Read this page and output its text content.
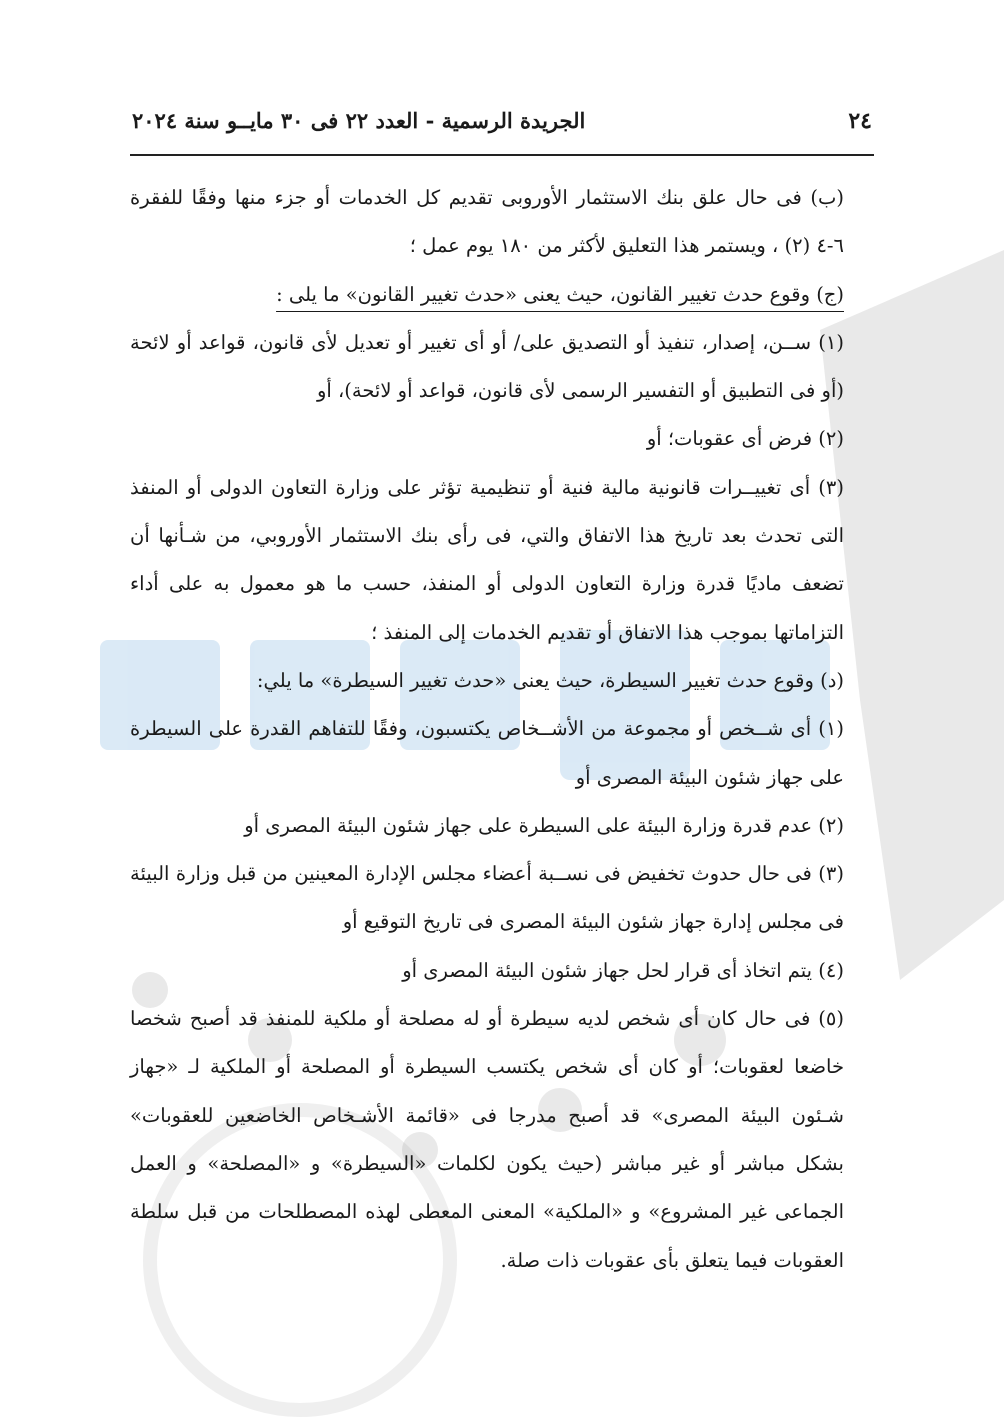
الجريدة الرسمية - العدد ٢٢ فى ٣٠ مايــو سنة ٢٠٢٤	٢٤

(ب) فى حال علق بنك الاستثمار الأوروبى تقديم كل الخدمات أو جزء منها وفقًا للفقرة ٦-٤ (٢) ، ويستمر هذا التعليق لأكثر من ١٨٠ يوم عمل ؛

(ج) وقوع حدث تغيير القانون، حيث يعنى «حدث تغيير القانون» ما يلى :

(١) ســن، إصدار، تنفيذ أو التصديق على/ أو أى تغيير أو تعديل لأى قانون، قواعد أو لائحة (أو فى التطبيق أو التفسير الرسمى لأى قانون، قواعد أو لائحة)، أو

(٢) فرض أى عقوبات؛ أو

(٣) أى تغييــرات قانونية مالية فنية أو تنظيمية تؤثر على وزارة التعاون الدولى أو المنفذ التى تحدث بعد تاريخ هذا الاتفاق والتي، فى رأى بنك الاستثمار الأوروبي، من شـأنها أن تضعف ماديًا قدرة وزارة التعاون الدولى أو المنفذ، حسب ما هو معمول به على أداء التزاماتها بموجب هذا الاتفاق أو تقديم الخدمات إلى المنفذ ؛

(د) وقوع حدث تغيير السيطرة، حيث يعنى «حدث تغيير السيطرة» ما يلي:

(١) أى شــخص أو مجموعة من الأشــخاص يكتسبون، وفقًا للتفاهم القدرة على السيطرة على جهاز شئون البيئة المصرى أو

(٢) عدم قدرة وزارة البيئة على السيطرة على جهاز شئون البيئة المصرى أو

(٣) فى حال حدوث تخفيض فى نســبة أعضاء مجلس الإدارة المعينين من قبل وزارة البيئة فى مجلس إدارة جهاز شئون البيئة المصرى فى تاريخ التوقيع أو

(٤) يتم اتخاذ أى قرار لحل جهاز شئون البيئة المصرى أو

(٥) فى حال كان أى شخص لديه سيطرة أو له مصلحة أو ملكية للمنفذ قد أصبح شخصا خاضعا لعقوبات؛ أو كان أى شخص يكتسب السيطرة أو المصلحة أو الملكية لـ «جهاز شـئون البيئة المصرى» قد أصبح مدرجا فى «قائمة الأشـخاص الخاضعين للعقوبات» بشكل مباشر أو غير مباشر (حيث يكون لكلمات «السيطرة» و «المصلحة» و العمل الجماعى غير المشروع» و «الملكية» المعنى المعطى لهذه المصطلحات من قبل سلطة العقوبات فيما يتعلق بأى عقوبات ذات صلة.
